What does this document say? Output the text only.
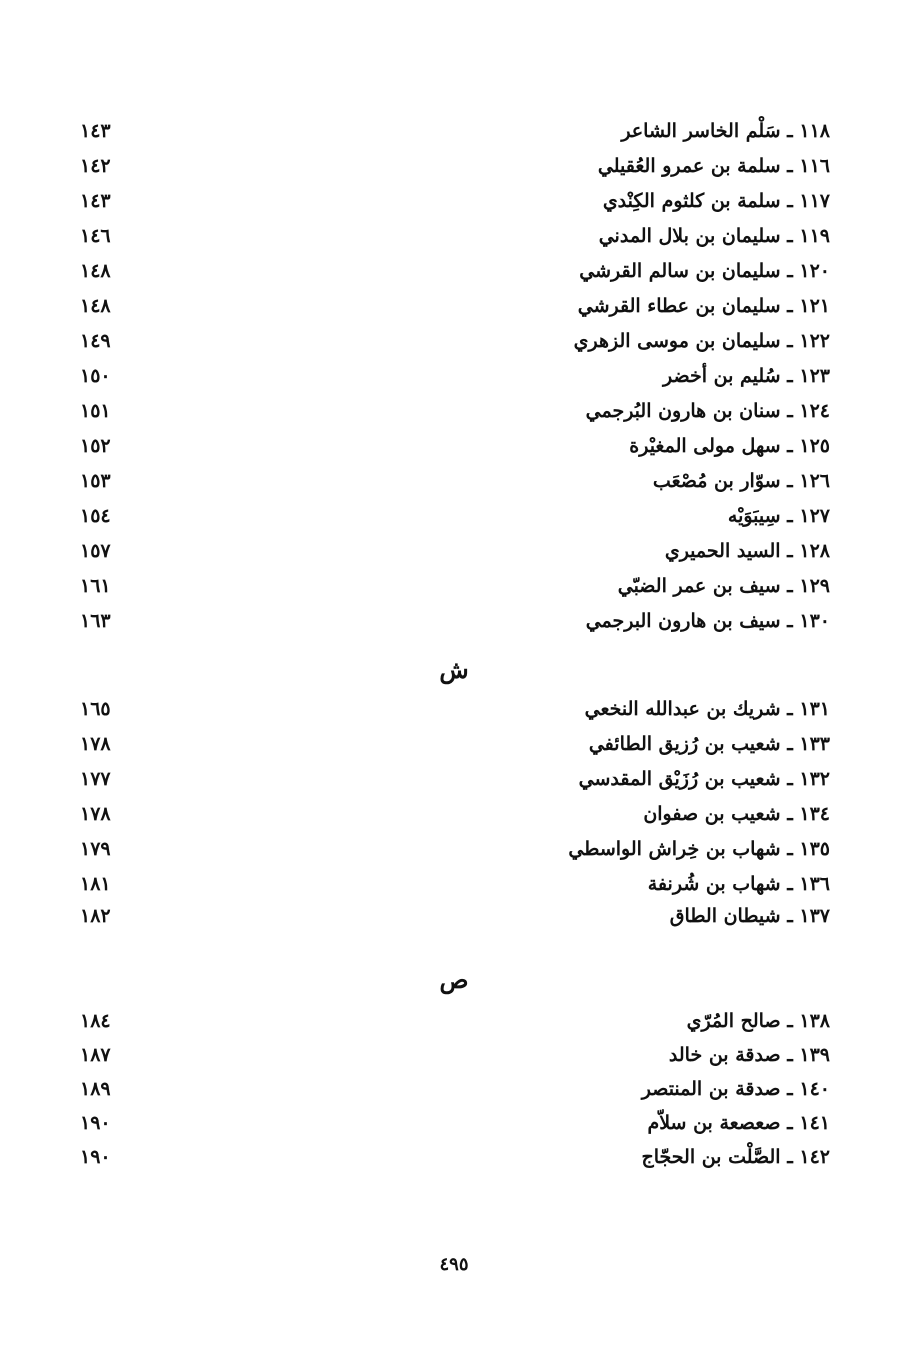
١١٨ ـ سَلْم الخاسر الشاعر
١٤٣
١١٦ ـ سلمة بن عمرو العُقيلي
١٤٢
١١٧ ـ سلمة بن كلثوم الكِنْدي
١٤٣
١١٩ ـ سليمان بن بلال المدني
١٤٦
١٢٠ ـ سليمان بن سالم القرشي
١٤٨
١٢١ ـ سليمان بن عطاء القرشي
١٤٨
١٢٢ ـ سليمان بن موسى الزهري
١٤٩
١٢٣ ـ سُليم بن أخضر
١٥٠
١٢٤ ـ سنان بن هارون البُرجمي
١٥١
١٢٥ ـ سهل مولى المغيْرة
١٥٢
١٢٦ ـ سوّار بن مُصْعَب
١٥٣
١٢٧ ـ سِيبَوَيْه
١٥٤
١٢٨ ـ السيد الحميري
١٥٧
١٢٩ ـ سيف بن عمر الضبّي
١٦١
١٣٠ ـ سيف بن هارون البرجمي
١٦٣
ش
١٣١ ـ شريك بن عبدالله النخعي
١٦٥
١٣٣ ـ شعيب بن رُزيق الطائفي
١٧٨
١٣٢ ـ شعيب بن رُزَيْق المقدسي
١٧٧
١٣٤ ـ شعيب بن صفوان
١٧٨
١٣٥ ـ شهاب بن خِراش الواسطي
١٧٩
١٣٦ ـ شهاب بن شُرنفة
١٨١
١٣٧ ـ شيطان الطاق
١٨٢
ص
١٣٨ ـ صالح المُرّي
١٨٤
١٣٩ ـ صدقة بن خالد
١٨٧
١٤٠ ـ صدقة بن المنتصر
١٨٩
١٤١ ـ صعصعة بن سلاّم
١٩٠
١٤٢ ـ الصَّلْت بن الحجّاج
١٩٠
٤٩٥
